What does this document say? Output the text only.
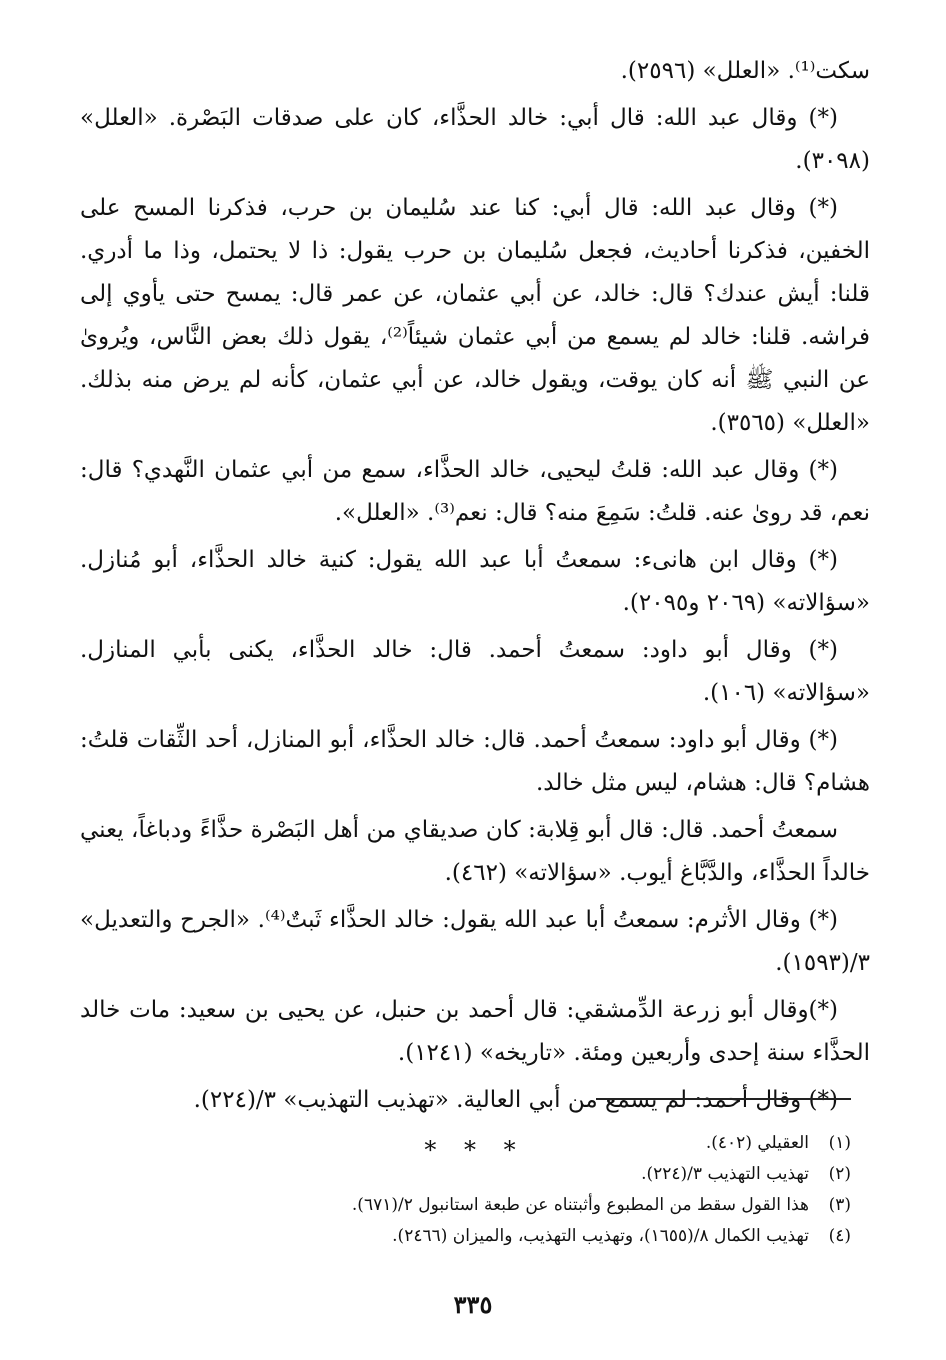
سكت⁽¹⁾. «العلل» (٢٥٩٦).

(*) وقال عبد الله: قال أبي: خالد الحذَّاء، كان على صدقات البَصْرة. «العلل» (٣٠٩٨).

(*) وقال عبد الله: قال أبي: كنا عند سُليمان بن حرب، فذكرنا المسح على الخفين، فذكرنا أحاديث، فجعل سُليمان بن حرب يقول: ذا لا يحتمل، وذا ما أدري. قلنا: أيش عندك؟ قال: خالد، عن أبي عثمان، عن عمر قال: يمسح حتى يأوي إلى فراشه. قلنا: خالد لم يسمع من أبي عثمان شيئاً⁽²⁾، يقول ذلك بعض النَّاس، ويُروىٰ عن النبي ﷺ أنه كان يوقت، ويقول خالد، عن أبي عثمان، كأنه لم يرض منه بذلك. «العلل» (٣٥٦٥).

(*) وقال عبد الله: قلتُ ليحيى، خالد الحذَّاء، سمع من أبي عثمان النَّهدي؟ قال: نعم، قد روىٰ عنه. قلتُ: سَمِعَ منه؟ قال: نعم⁽³⁾. «العلل».

(*) وقال ابن هانىء: سمعتُ أبا عبد الله يقول: كنية خالد الحذَّاء، أبو مُنازل. «سؤالاته» (٢٠٦٩ و٢٠٩٥).

(*) وقال أبو داود: سمعتُ أحمد. قال: خالد الحذَّاء، يكنى بأبي المنازل. «سؤالاته» (١٠٦).

(*) وقال أبو داود: سمعتُ أحمد. قال: خالد الحذَّاء، أبو المنازل، أحد الثِّقات قلتُ: هشام؟ قال: هشام، ليس مثل خالد.

سمعتُ أحمد. قال: قال أبو قِلابة: كان صديقاي من أهل البَصْرة حذَّاءً ودباغاً، يعني خالداً الحذَّاء، والدَّبَّاغ أيوب. «سؤالاته» (٤٦٢).

(*) وقال الأثرم: سمعتُ أبا عبد الله يقول: خالد الحذَّاء ثَبتٌ⁽⁴⁾. «الجرح والتعديل» ٣/(١٥٩٣).

(*)وقال أبو زرعة الدِّمشقي: قال أحمد بن حنبل، عن يحيى بن سعيد: مات خالد الحذَّاء سنة إحدى وأربعين ومئة. «تاريخه» (١٢٤١).

(*) وقال أحمد: لم يسمع من أبي العالية. «تهذيب التهذيب» ٣/(٢٢٤).

* * *	(١)
العقيلي (٤٠٢).
(٢)
تهذيب التهذيب ٣/(٢٢٤).
(٣)
هذا القول سقط من المطبوع وأثبتناه عن طبعة استانبول ٢/(٦٧١).
(٤)
تهذيب الكمال ٨/(١٦٥٥)، وتهذيب التهذيب، والميزان (٢٤٦٦).
٣٣٥
